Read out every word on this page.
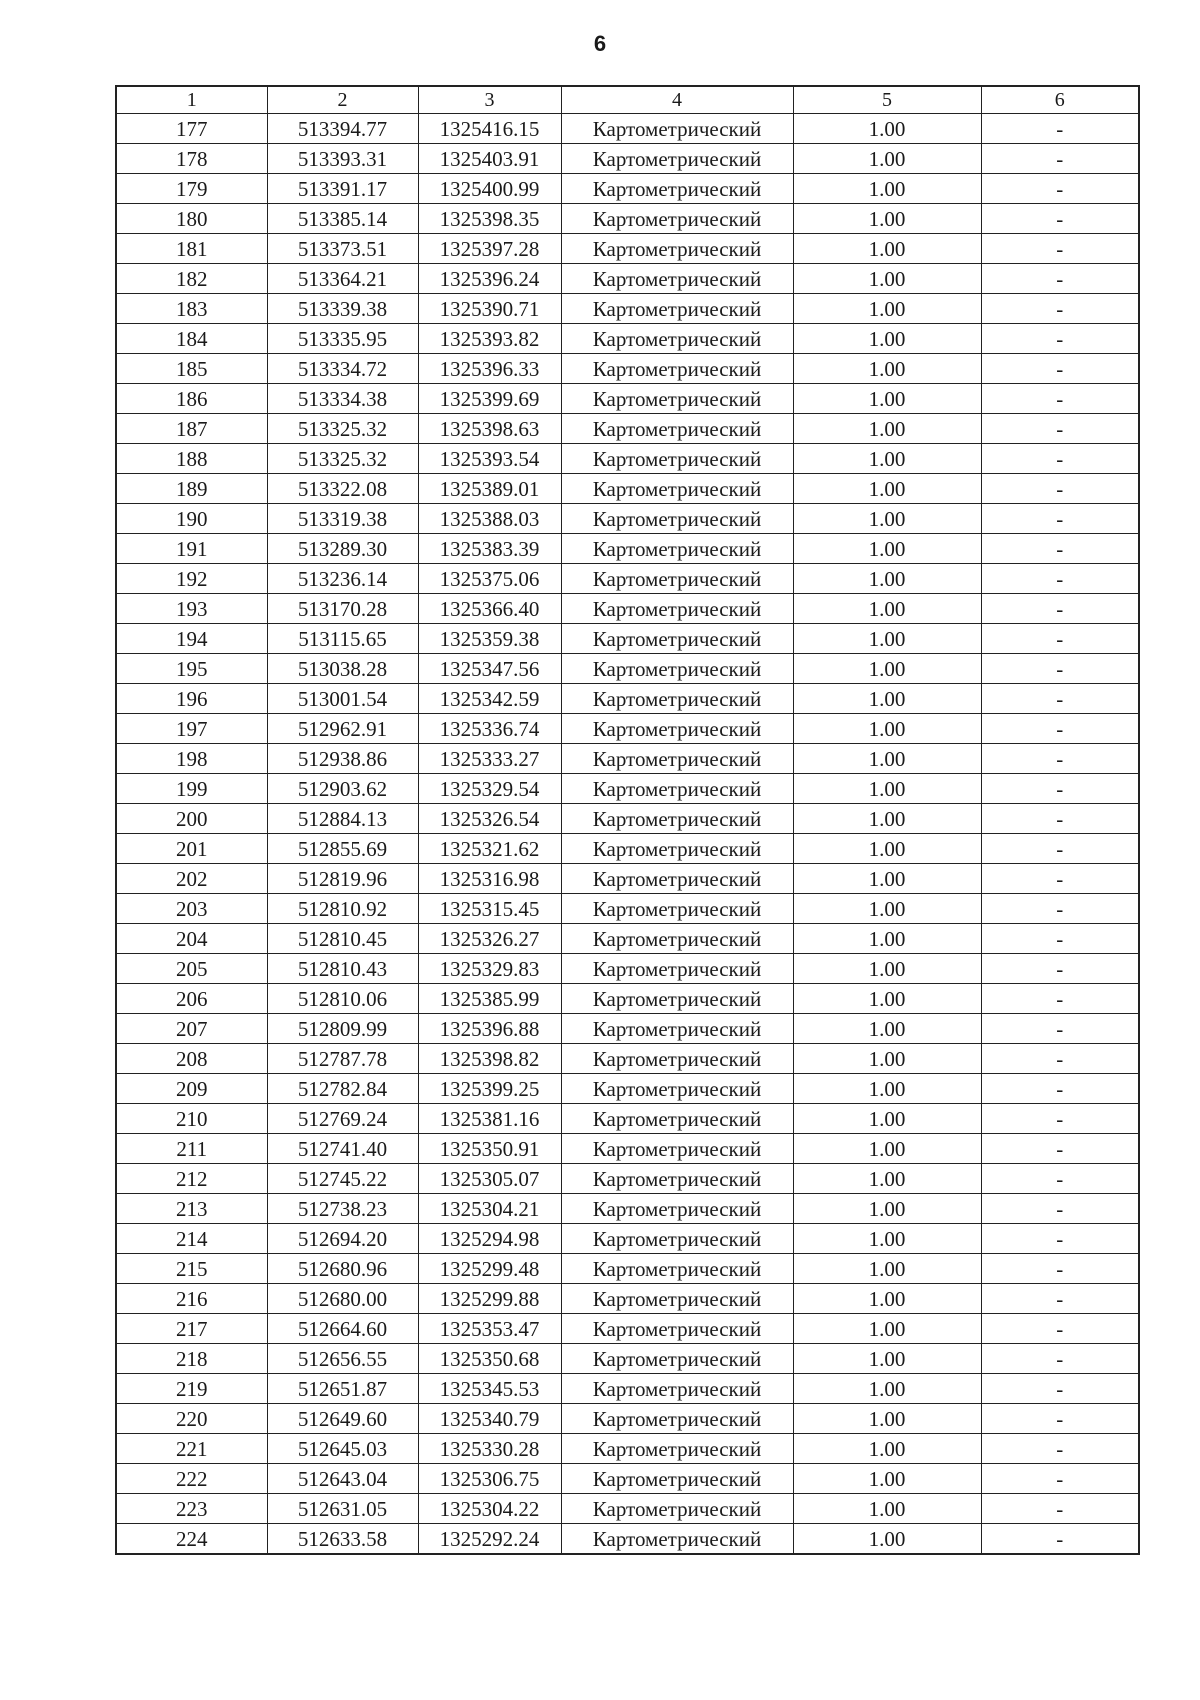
6
1	2	3	4	5	6
177	513394.77	1325416.15	Картометрический	1.00	-
178	513393.31	1325403.91	Картометрический	1.00	-
179	513391.17	1325400.99	Картометрический	1.00	-
180	513385.14	1325398.35	Картометрический	1.00	-
181	513373.51	1325397.28	Картометрический	1.00	-
182	513364.21	1325396.24	Картометрический	1.00	-
183	513339.38	1325390.71	Картометрический	1.00	-
184	513335.95	1325393.82	Картометрический	1.00	-
185	513334.72	1325396.33	Картометрический	1.00	-
186	513334.38	1325399.69	Картометрический	1.00	-
187	513325.32	1325398.63	Картометрический	1.00	-
188	513325.32	1325393.54	Картометрический	1.00	-
189	513322.08	1325389.01	Картометрический	1.00	-
190	513319.38	1325388.03	Картометрический	1.00	-
191	513289.30	1325383.39	Картометрический	1.00	-
192	513236.14	1325375.06	Картометрический	1.00	-
193	513170.28	1325366.40	Картометрический	1.00	-
194	513115.65	1325359.38	Картометрический	1.00	-
195	513038.28	1325347.56	Картометрический	1.00	-
196	513001.54	1325342.59	Картометрический	1.00	-
197	512962.91	1325336.74	Картометрический	1.00	-
198	512938.86	1325333.27	Картометрический	1.00	-
199	512903.62	1325329.54	Картометрический	1.00	-
200	512884.13	1325326.54	Картометрический	1.00	-
201	512855.69	1325321.62	Картометрический	1.00	-
202	512819.96	1325316.98	Картометрический	1.00	-
203	512810.92	1325315.45	Картометрический	1.00	-
204	512810.45	1325326.27	Картометрический	1.00	-
205	512810.43	1325329.83	Картометрический	1.00	-
206	512810.06	1325385.99	Картометрический	1.00	-
207	512809.99	1325396.88	Картометрический	1.00	-
208	512787.78	1325398.82	Картометрический	1.00	-
209	512782.84	1325399.25	Картометрический	1.00	-
210	512769.24	1325381.16	Картометрический	1.00	-
211	512741.40	1325350.91	Картометрический	1.00	-
212	512745.22	1325305.07	Картометрический	1.00	-
213	512738.23	1325304.21	Картометрический	1.00	-
214	512694.20	1325294.98	Картометрический	1.00	-
215	512680.96	1325299.48	Картометрический	1.00	-
216	512680.00	1325299.88	Картометрический	1.00	-
217	512664.60	1325353.47	Картометрический	1.00	-
218	512656.55	1325350.68	Картометрический	1.00	-
219	512651.87	1325345.53	Картометрический	1.00	-
220	512649.60	1325340.79	Картометрический	1.00	-
221	512645.03	1325330.28	Картометрический	1.00	-
222	512643.04	1325306.75	Картометрический	1.00	-
223	512631.05	1325304.22	Картометрический	1.00	-
224	512633.58	1325292.24	Картометрический	1.00	-
